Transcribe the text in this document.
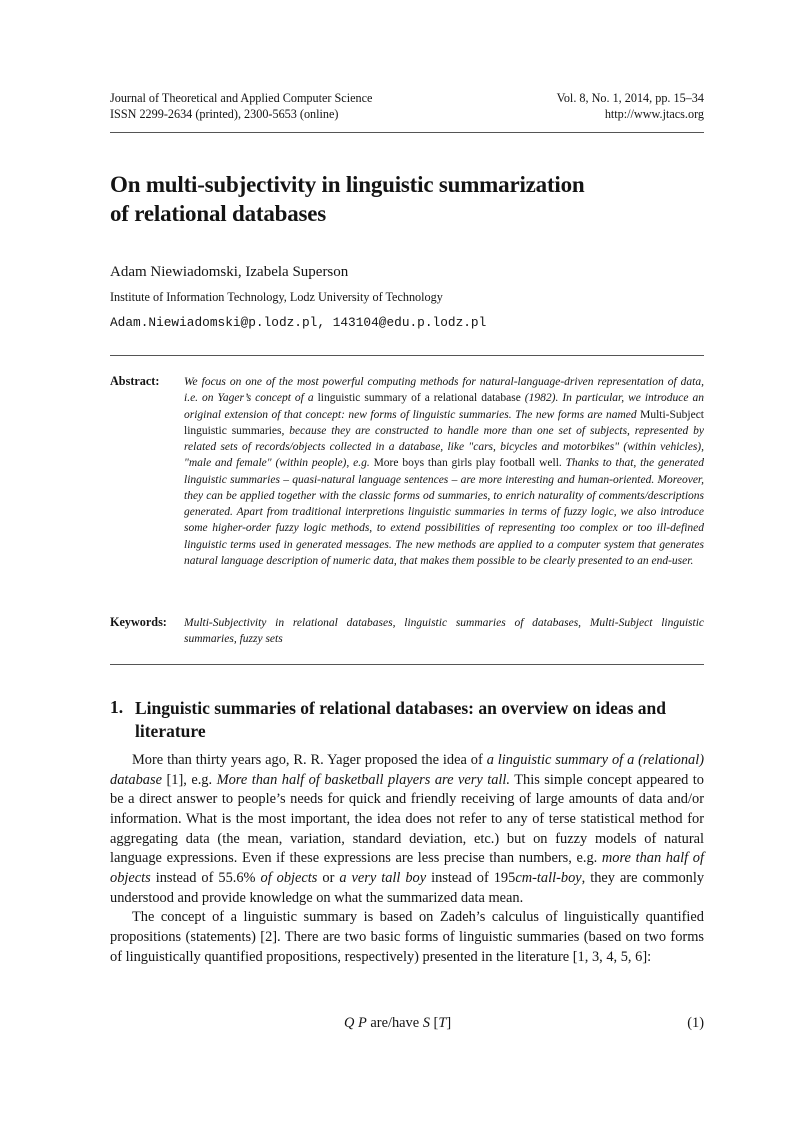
Journal of Theoretical and Applied Computer Science
ISSN 2299-2634 (printed), 2300-5653 (online)
Vol. 8, No. 1, 2014, pp. 15–34
http://www.jtacs.org
On multi-subjectivity in linguistic summarization
of relational databases
Adam Niewiadomski, Izabela Superson
Institute of Information Technology, Lodz University of Technology
Adam.Niewiadomski@p.lodz.pl, 143104@edu.p.lodz.pl
Abstract: We focus on one of the most powerful computing methods for natural-language-driven representation of data, i.e. on Yager’s concept of a linguistic summary of a relational database (1982). In particular, we introduce an original extension of that concept: new forms of linguistic summaries. The new forms are named Multi-Subject linguistic summaries, because they are constructed to handle more than one set of subjects, represented by related sets of records/objects collected in a database, like "cars, bicycles and motorbikes" (within vehicles), "male and female" (within people), e.g. More boys than girls play football well. Thanks to that, the generated linguistic summaries – quasi-natural language sentences – are more interesting and human-oriented. Moreover, they can be applied together with the classic forms od summaries, to enrich naturality of comments/descriptions generated. Apart from traditional interpretions linguistic summaries in terms of fuzzy logic, we also introduce some higher-order fuzzy logic methods, to extend possibilities of representing too complex or too ill-defined linguistic terms used in generated messages. The new methods are applied to a computer system that generates natural language description of numeric data, that makes them possible to be clearly presented to an end-user.
Keywords: Multi-Subjectivity in relational databases, linguistic summaries of databases, Multi-Subject linguistic summaries, fuzzy sets
1. Linguistic summaries of relational databases: an overview on ideas and literature

More than thirty years ago, R. R. Yager proposed the idea of a linguistic summary of a (relational) database [1], e.g. More than half of basketball players are very tall. This simple concept appeared to be a direct answer to people’s needs for quick and friendly receiving of large amounts of data and/or information. What is the most important, the idea does not refer to any of terse statistical method for aggregating data (the mean, variation, standard deviation, etc.) but on fuzzy models of natural language expressions. Even if these expressions are less precise than numbers, e.g. more than half of objects instead of 55.6% of objects or a very tall boy instead of 195cm-tall-boy, they are commonly understood and provide knowledge on what the summarized data mean.

The concept of a linguistic summary is based on Zadeh’s calculus of linguistically quantified propositions (statements) [2]. There are two basic forms of linguistic summaries (based on two forms of linguistically quantified propositions, respectively) presented in the literature [1, 3, 4, 5, 6]:

Q P are/have S [T]	(1)
